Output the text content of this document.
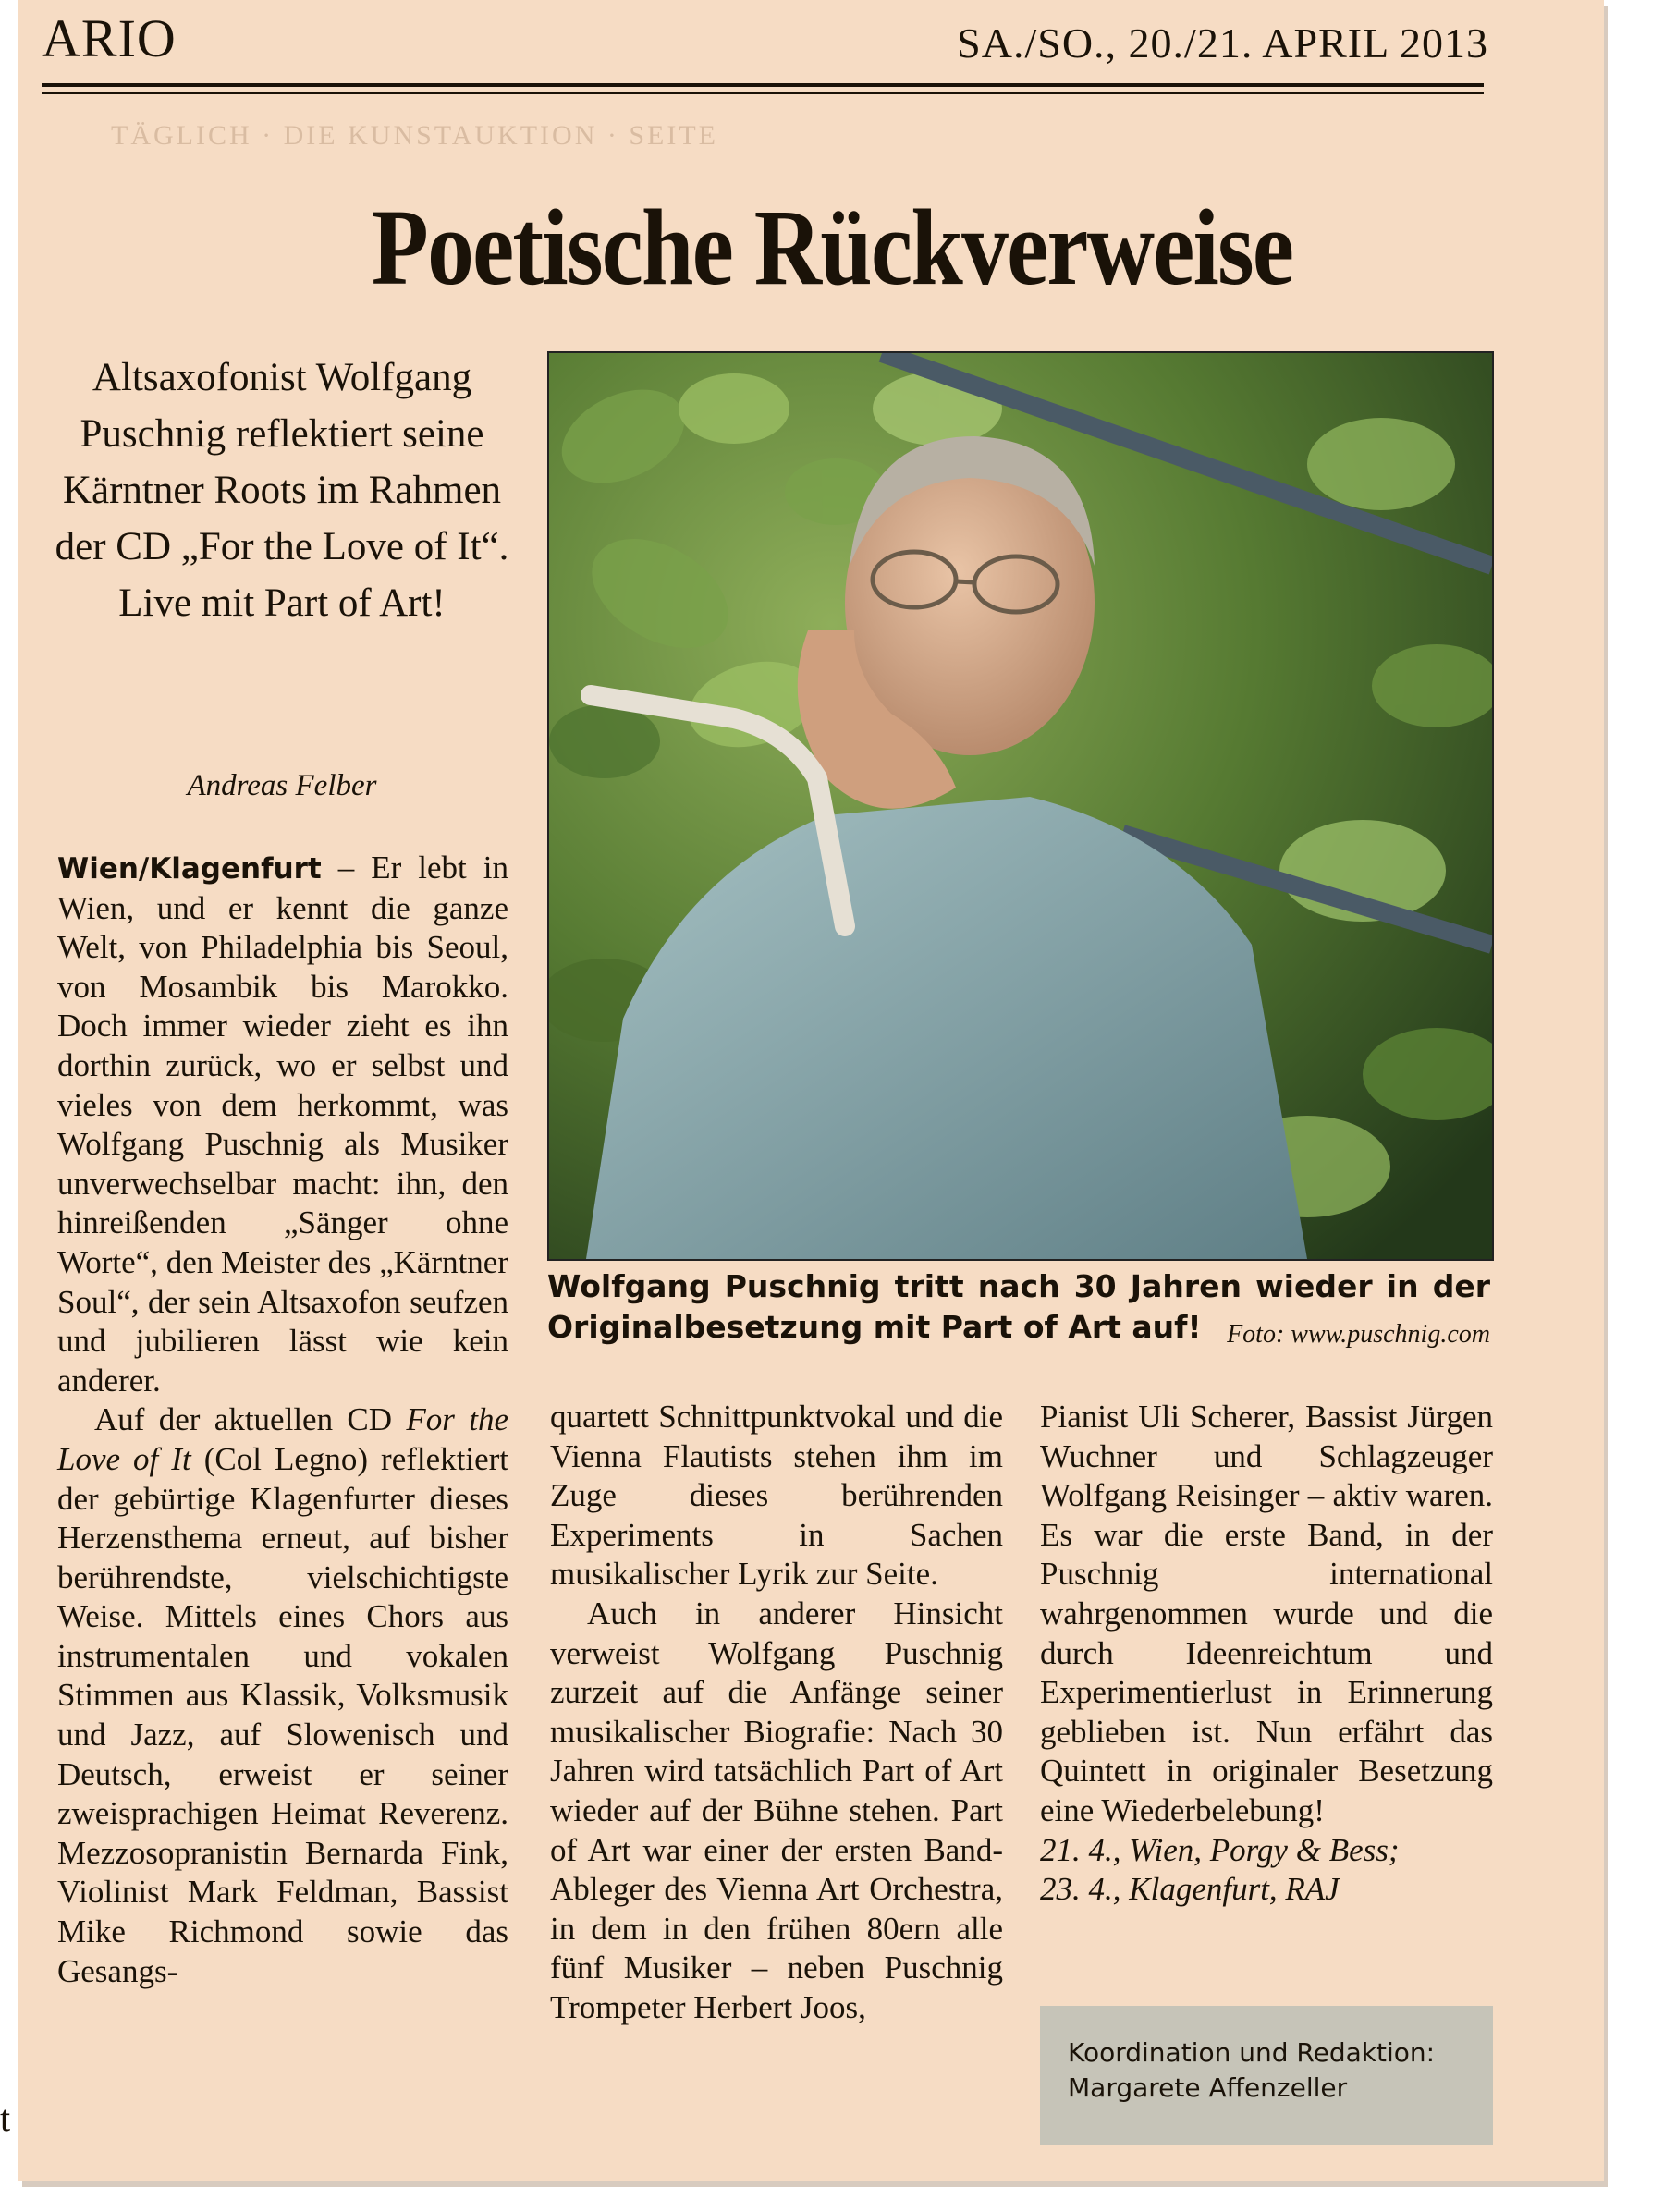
ARIO	SA./SO., 20./21. APRIL 2013
TÄGLICH · DIE KUNSTAUKTION · SEITE
Poetische Rückverweise
Altsaxofonist Wolfgang Puschnig reflektiert seine Kärntner Roots im Rahmen der CD „For the Love of It“. Live mit Part of Art!
Andreas Felber

Wien/Klagenfurt – Er lebt in Wien, und er kennt die ganze Welt, von Philadelphia bis Seoul, von Mosambik bis Marokko. Doch immer wieder zieht es ihn dorthin zurück, wo er selbst und vieles von dem herkommt, was Wolfgang Puschnig als Musiker unverwechselbar macht: ihn, den hinreißenden „Sänger ohne Worte“, den Meister des „Kärntner Soul“, der sein Altsaxofon seufzen und jubilieren lässt wie kein anderer.

Auf der aktuellen CD For the Love of It (Col Legno) reflektiert der gebürtige Klagenfurter dieses Herzensthema erneut, auf bisher berührendste, vielschichtigste Weise. Mittels eines Chors aus instrumentalen und vokalen Stimmen aus Klassik, Volksmusik und Jazz, auf Slowenisch und Deutsch, erweist er seiner zweisprachigen Heimat Reverenz. Mezzosopranistin Bernarda Fink, Violinist Mark Feldman, Bassist Mike Richmond sowie das Gesangs-

Wolfgang Puschnig tritt nach 30 Jahren wieder in der Originalbesetzung mit Part of Art auf! Foto: www.puschnig.com

quartett Schnittpunktvokal und die Vienna Flautists stehen ihm im Zuge dieses berührenden Experiments in Sachen musikalischer Lyrik zur Seite.

Auch in anderer Hinsicht verweist Wolfgang Puschnig zurzeit auf die Anfänge seiner musikalischer Biografie: Nach 30 Jahren wird tatsächlich Part of Art wieder auf der Bühne stehen. Part of Art war einer der ersten Band-Ableger des Vienna Art Orchestra, in dem in den frühen 80ern alle fünf Musiker – neben Puschnig Trompeter Herbert Joos,

Pianist Uli Scherer, Bassist Jürgen Wuchner und Schlagzeuger Wolfgang Reisinger – aktiv waren. Es war die erste Band, in der Puschnig international wahrgenommen wurde und die durch Ideenreichtum und Experimentierlust in Erinnerung geblieben ist. Nun erfährt das Quintett in originaler Besetzung eine Wiederbelebung!

21. 4., Wien, Porgy & Bess;

23. 4., Klagenfurt, RAJ

Koordination und Redaktion:
Margarete Affenzeller
t
